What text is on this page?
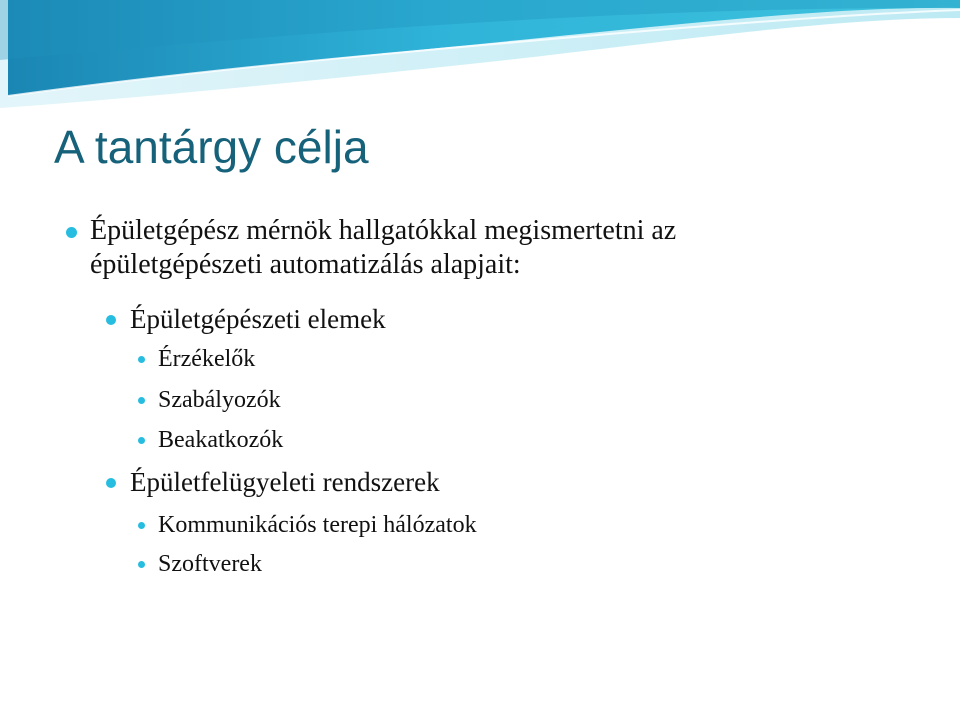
A tantárgy célja
Épületgépész mérnök hallgatókkal megismertetni az
épületgépészeti automatizálás alapjait:
Épületgépészeti elemek
Érzékelők
Szabályozók
Beakatkozók
Épületfelügyeleti rendszerek
Kommunikációs terepi hálózatok
Szoftverek
